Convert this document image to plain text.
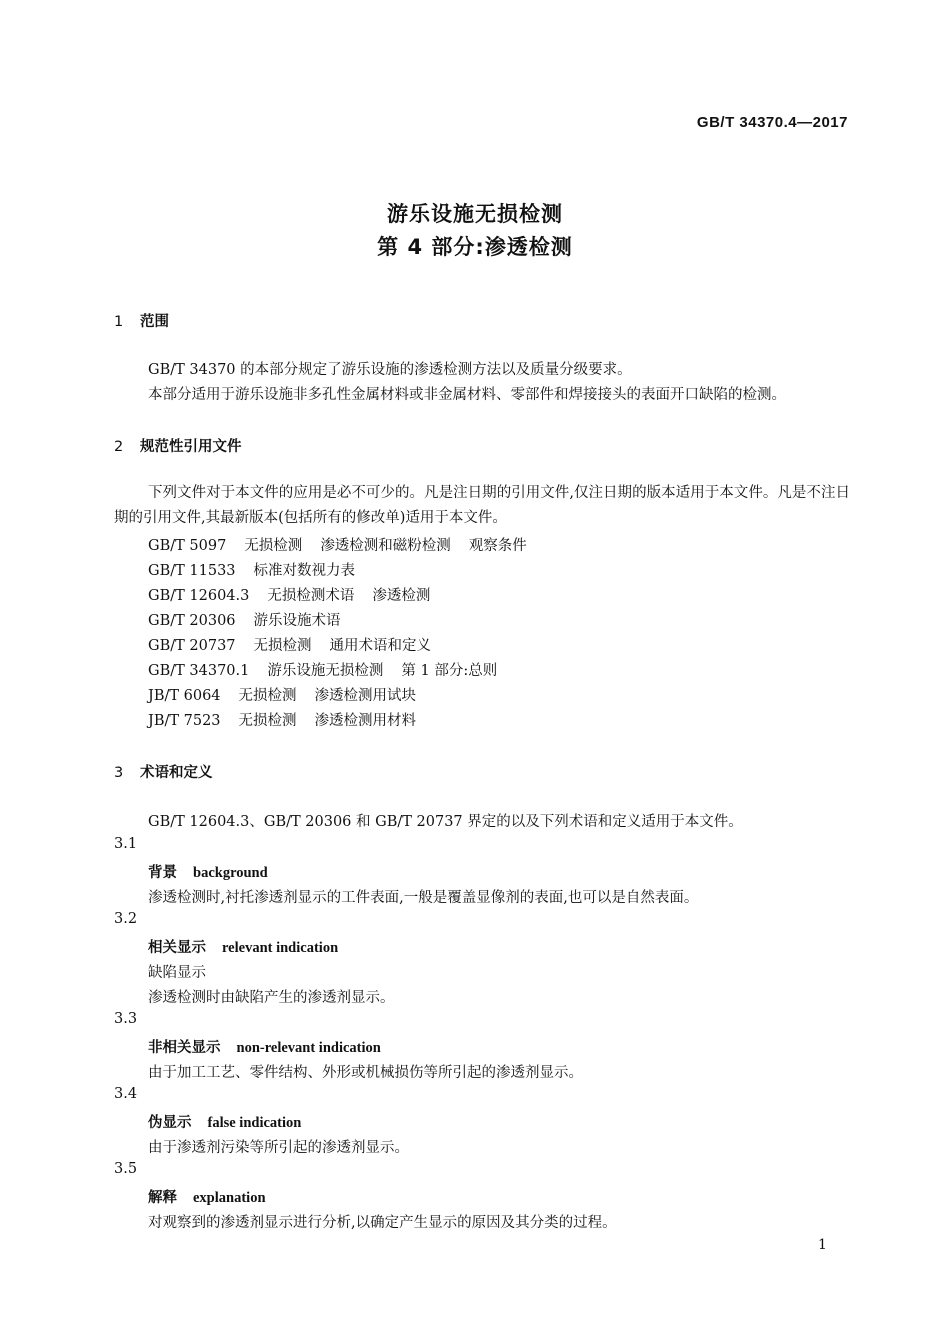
GB/T 34370.4—2017
游乐设施无损检测
第 4 部分:渗透检测
1 范围
GB/T 34370 的本部分规定了游乐设施的渗透检测方法以及质量分级要求。
本部分适用于游乐设施非多孔性金属材料或非金属材料、零部件和焊接接头的表面开口缺陷的检测。
2 规范性引用文件
下列文件对于本文件的应用是必不可少的。凡是注日期的引用文件,仅注日期的版本适用于本文件。凡是不注日期的引用文件,其最新版本(包括所有的修改单)适用于本文件。
GB/T 5097 无损检测 渗透检测和磁粉检测 观察条件
GB/T 11533 标准对数视力表
GB/T 12604.3 无损检测术语 渗透检测
GB/T 20306 游乐设施术语
GB/T 20737 无损检测 通用术语和定义
GB/T 34370.1 游乐设施无损检测 第 1 部分:总则
JB/T 6064 无损检测 渗透检测用试块
JB/T 7523 无损检测 渗透检测用材料
3 术语和定义
GB/T 12604.3、GB/T 20306 和 GB/T 20737 界定的以及下列术语和定义适用于本文件。
3.1
背景 background
渗透检测时,衬托渗透剂显示的工件表面,一般是覆盖显像剂的表面,也可以是自然表面。
3.2
相关显示 relevant indication
缺陷显示
渗透检测时由缺陷产生的渗透剂显示。
3.3
非相关显示 non-relevant indication
由于加工工艺、零件结构、外形或机械损伤等所引起的渗透剂显示。
3.4
伪显示 false indication
由于渗透剂污染等所引起的渗透剂显示。
3.5
解释 explanation
对观察到的渗透剂显示进行分析,以确定产生显示的原因及其分类的过程。
1
